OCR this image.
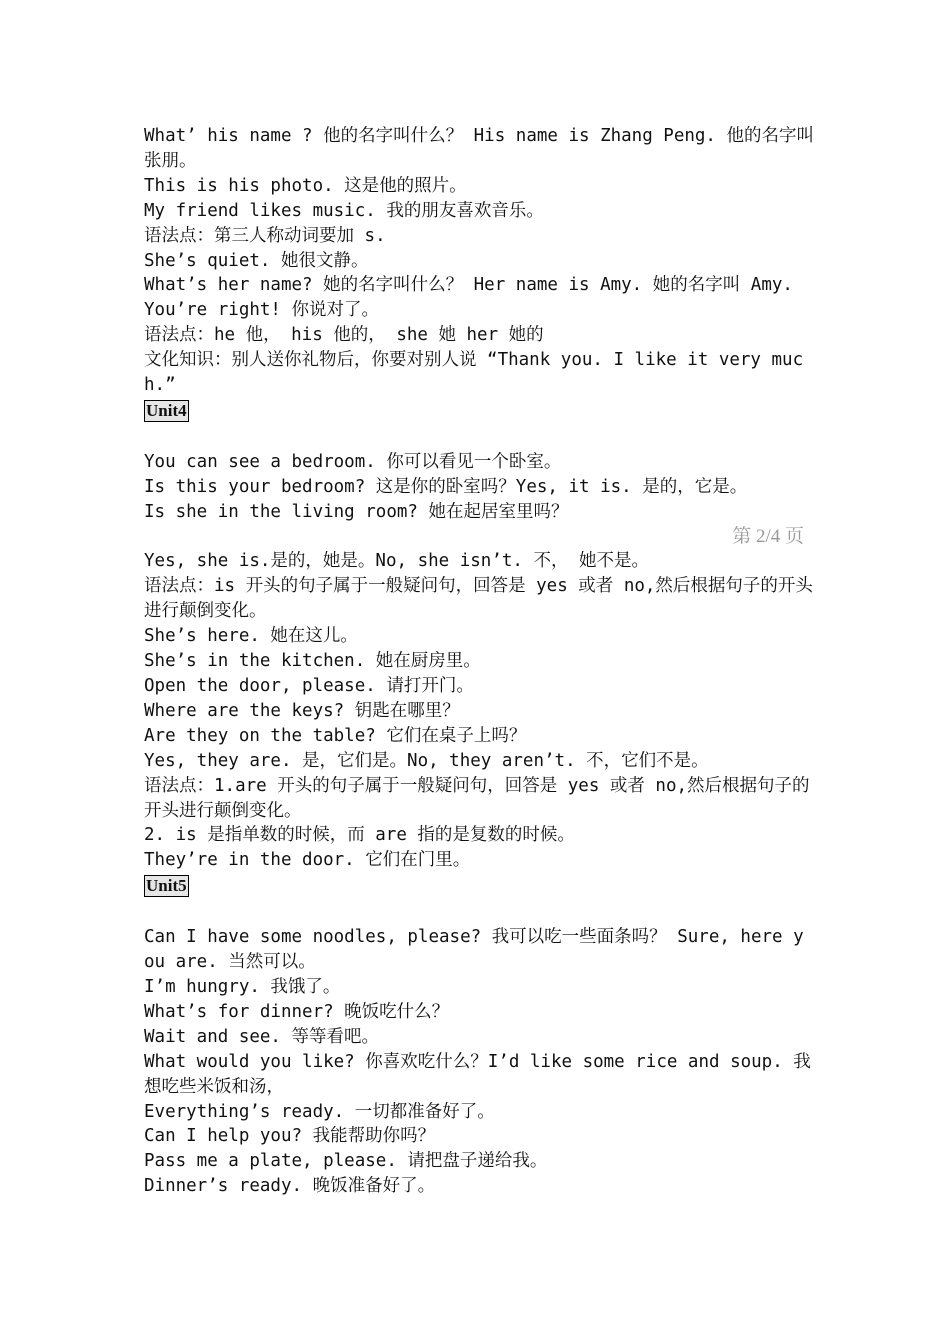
What’ his name ? 他的名字叫什么？ His name is Zhang Peng. 他的名字叫张朋。

This is his photo. 这是他的照片。

My friend likes music. 我的朋友喜欢音乐。

语法点：第三人称动词要加 s.

She’s quiet. 她很文静。

What’s her name? 她的名字叫什么？ Her name is Amy. 她的名字叫 Amy.

You’re right! 你说对了。

语法点：he 他， his 他的， she 她 her 她的

文化知识：别人送你礼物后，你要对别人说 “Thank you. I like it very much.”

Unit4

You can see a bedroom. 你可以看见一个卧室。

Is this your bedroom? 这是你的卧室吗？Yes, it is. 是的，它是。

Is she in the living room? 她在起居室里吗？

第 2/4 页

Yes, she is.是的，她是。No, she isn’t. 不， 她不是。

语法点：is 开头的句子属于一般疑问句，回答是 yes 或者 no,然后根据句子的开头进行颠倒变化。

She’s here. 她在这儿。

She’s in the kitchen. 她在厨房里。

Open the door, please. 请打开门。

Where are the keys? 钥匙在哪里？

Are they on the table? 它们在桌子上吗？

Yes, they are. 是，它们是。No, they aren’t. 不，它们不是。

语法点：1.are 开头的句子属于一般疑问句，回答是 yes 或者 no,然后根据句子的开头进行颠倒变化。

2. is 是指单数的时候，而 are 指的是复数的时候。

They’re in the door. 它们在门里。

Unit5

Can I have some noodles, please? 我可以吃一些面条吗？ Sure, here you are. 当然可以。

I’m hungry. 我饿了。

What’s for dinner? 晚饭吃什么？

Wait and see. 等等看吧。

What would you like? 你喜欢吃什么？I’d like some rice and soup. 我想吃些米饭和汤，

Everything’s ready. 一切都准备好了。

Can I help you? 我能帮助你吗？

Pass me a plate, please. 请把盘子递给我。

Dinner’s ready. 晚饭准备好了。
